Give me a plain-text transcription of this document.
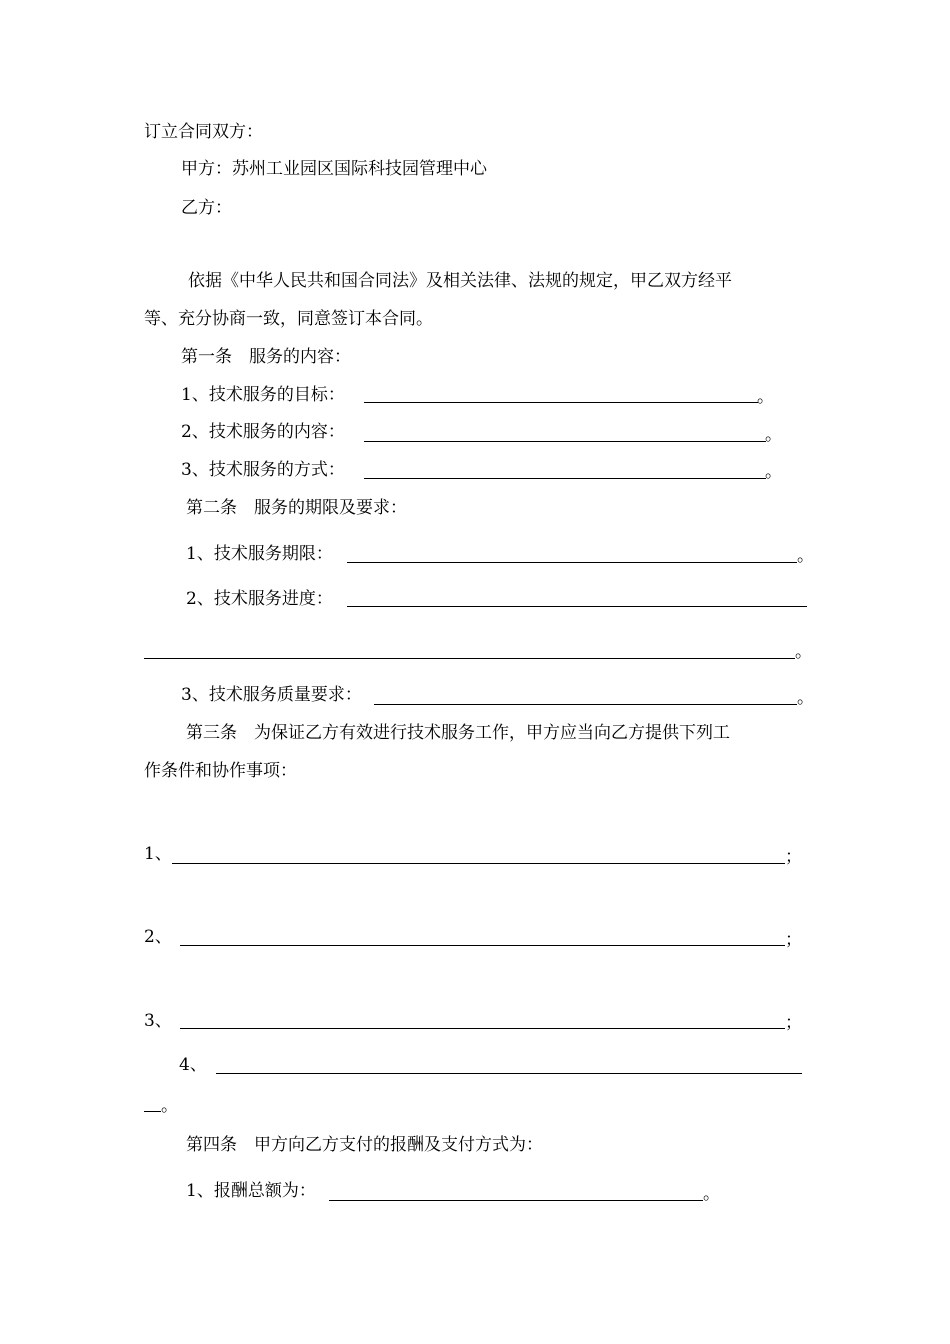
订立合同双方：
甲方：苏州工业园区国际科技园管理中心
乙方：
依据《中华人民共和国合同法》及相关法律、法规的规定，甲乙双方经平
等、充分协商一致，同意签订本合同。
第一条　服务的内容：
1、技术服务的目标：	。
2、技术服务的内容：	。
3、技术服务的方式：	。
第二条　服务的期限及要求：
1、技术服务期限：	。
2、技术服务进度：
。
3、技术服务质量要求：	。
第三条　为保证乙方有效进行技术服务工作，甲方应当向乙方提供下列工
作条件和协作事项：
1、	；
2、	；
3、	；
4、
。
第四条　甲方向乙方支付的报酬及支付方式为：
1、报酬总额为：	。
